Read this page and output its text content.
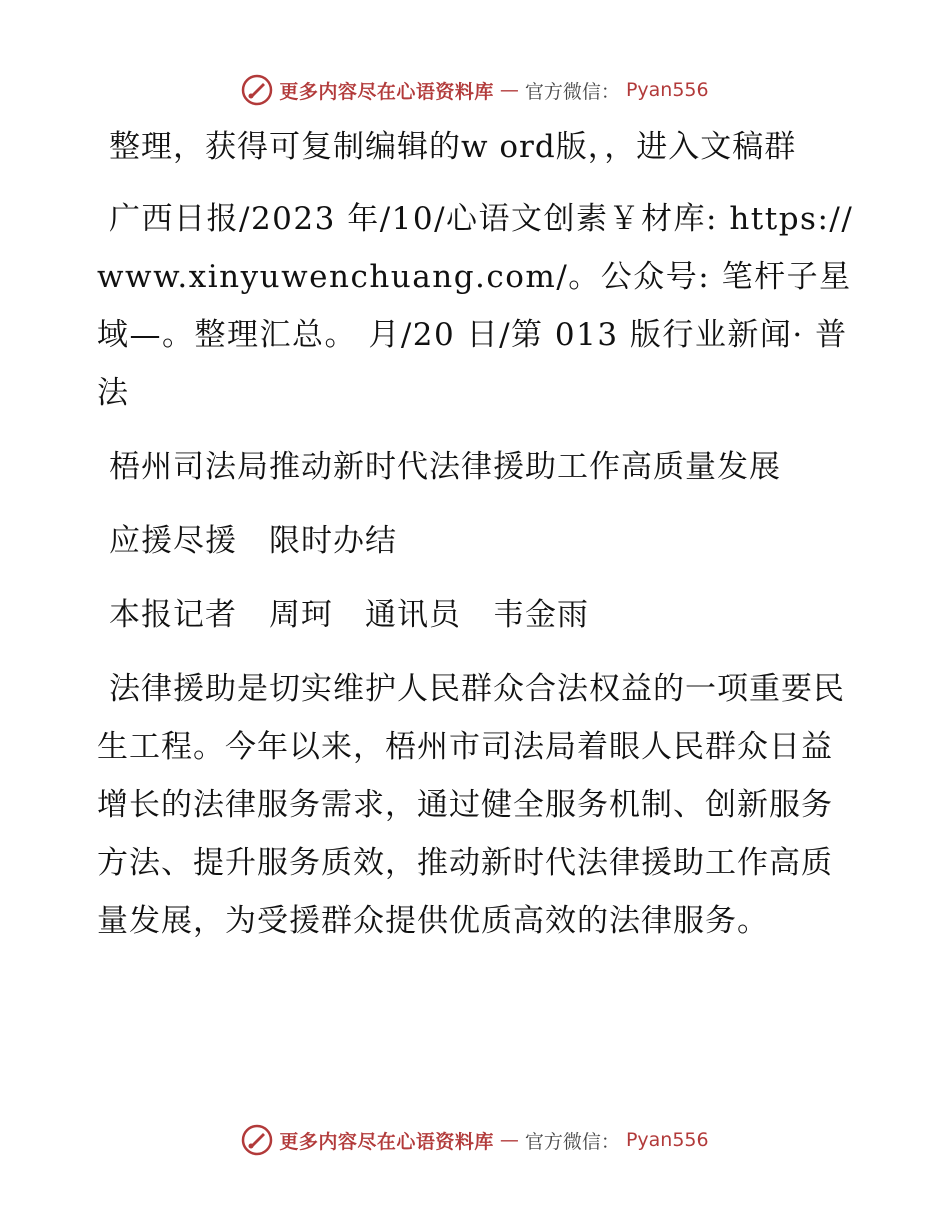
更多内容尽在心语资料库 — 官方微信： Pyan556

整理，获得可复制编辑的w ord版，，进入文稿群

广西日报/2023 年/10/心语文创素￥材库: https://www.xinyuwenchuang.com/。公众号: 笔杆子星域—。整理汇总。 月/20 日/第 013 版行业新闻· 普法

梧州司法局推动新时代法律援助工作高质量发展

应援尽援　限时办结

本报记者　周珂　通讯员　韦金雨

法律援助是切实维护人民群众合法权益的一项重要民生工程。今年以来，梧州市司法局着眼人民群众日益增长的法律服务需求，通过健全服务机制、创新服务方法、提升服务质效，推动新时代法律援助工作高质量发展，为受援群众提供优质高效的法律服务。

更多内容尽在心语资料库 — 官方微信： Pyan556
